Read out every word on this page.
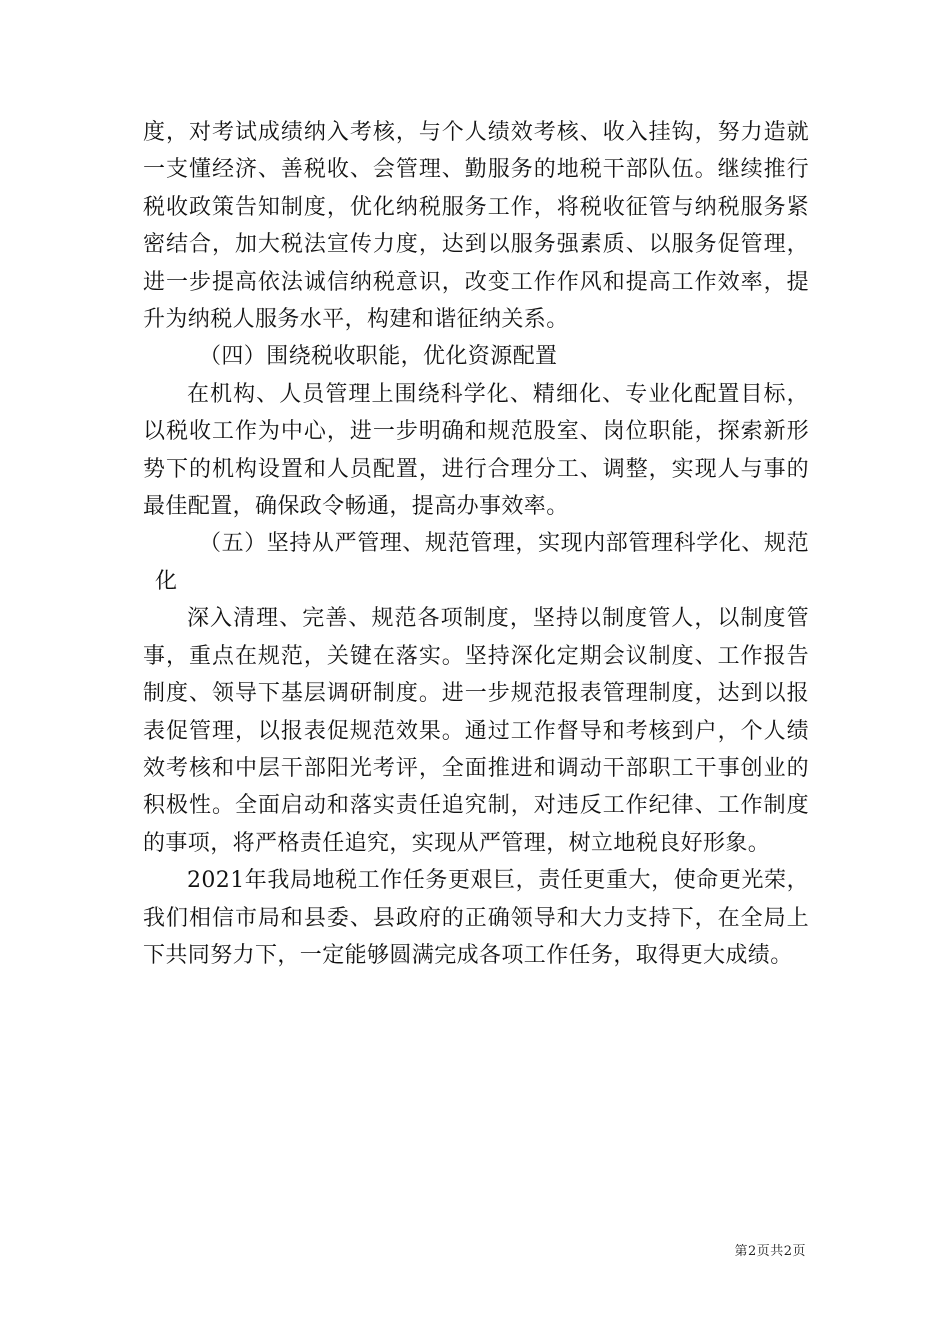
度，对考试成绩纳入考核，与个人绩效考核、收入挂钩，努力造就一支懂经济、善税收、会管理、勤服务的地税干部队伍。继续推行税收政策告知制度，优化纳税服务工作，将税收征管与纳税服务紧密结合，加大税法宣传力度，达到以服务强素质、以服务促管理，进一步提高依法诚信纳税意识，改变工作作风和提高工作效率，提升为纳税人服务水平，构建和谐征纳关系。

（四）围绕税收职能，优化资源配置

在机构、人员管理上围绕科学化、精细化、专业化配置目标，以税收工作为中心，进一步明确和规范股室、岗位职能，探索新形势下的机构设置和人员配置，进行合理分工、调整，实现人与事的最佳配置，确保政令畅通，提高办事效率。

（五）坚持从严管理、规范管理，实现内部管理科学化、规范化

深入清理、完善、规范各项制度，坚持以制度管人，以制度管事，重点在规范，关键在落实。坚持深化定期会议制度、工作报告制度、领导下基层调研制度。进一步规范报表管理制度，达到以报表促管理，以报表促规范效果。通过工作督导和考核到户，个人绩效考核和中层干部阳光考评，全面推进和调动干部职工干事创业的积极性。全面启动和落实责任追究制，对违反工作纪律、工作制度的事项，将严格责任追究，实现从严管理，树立地税良好形象。

2021年我局地税工作任务更艰巨，责任更重大，使命更光荣，我们相信市局和县委、县政府的正确领导和大力支持下，在全局上下共同努力下，一定能够圆满完成各项工作任务，取得更大成绩。

第2页共2页
